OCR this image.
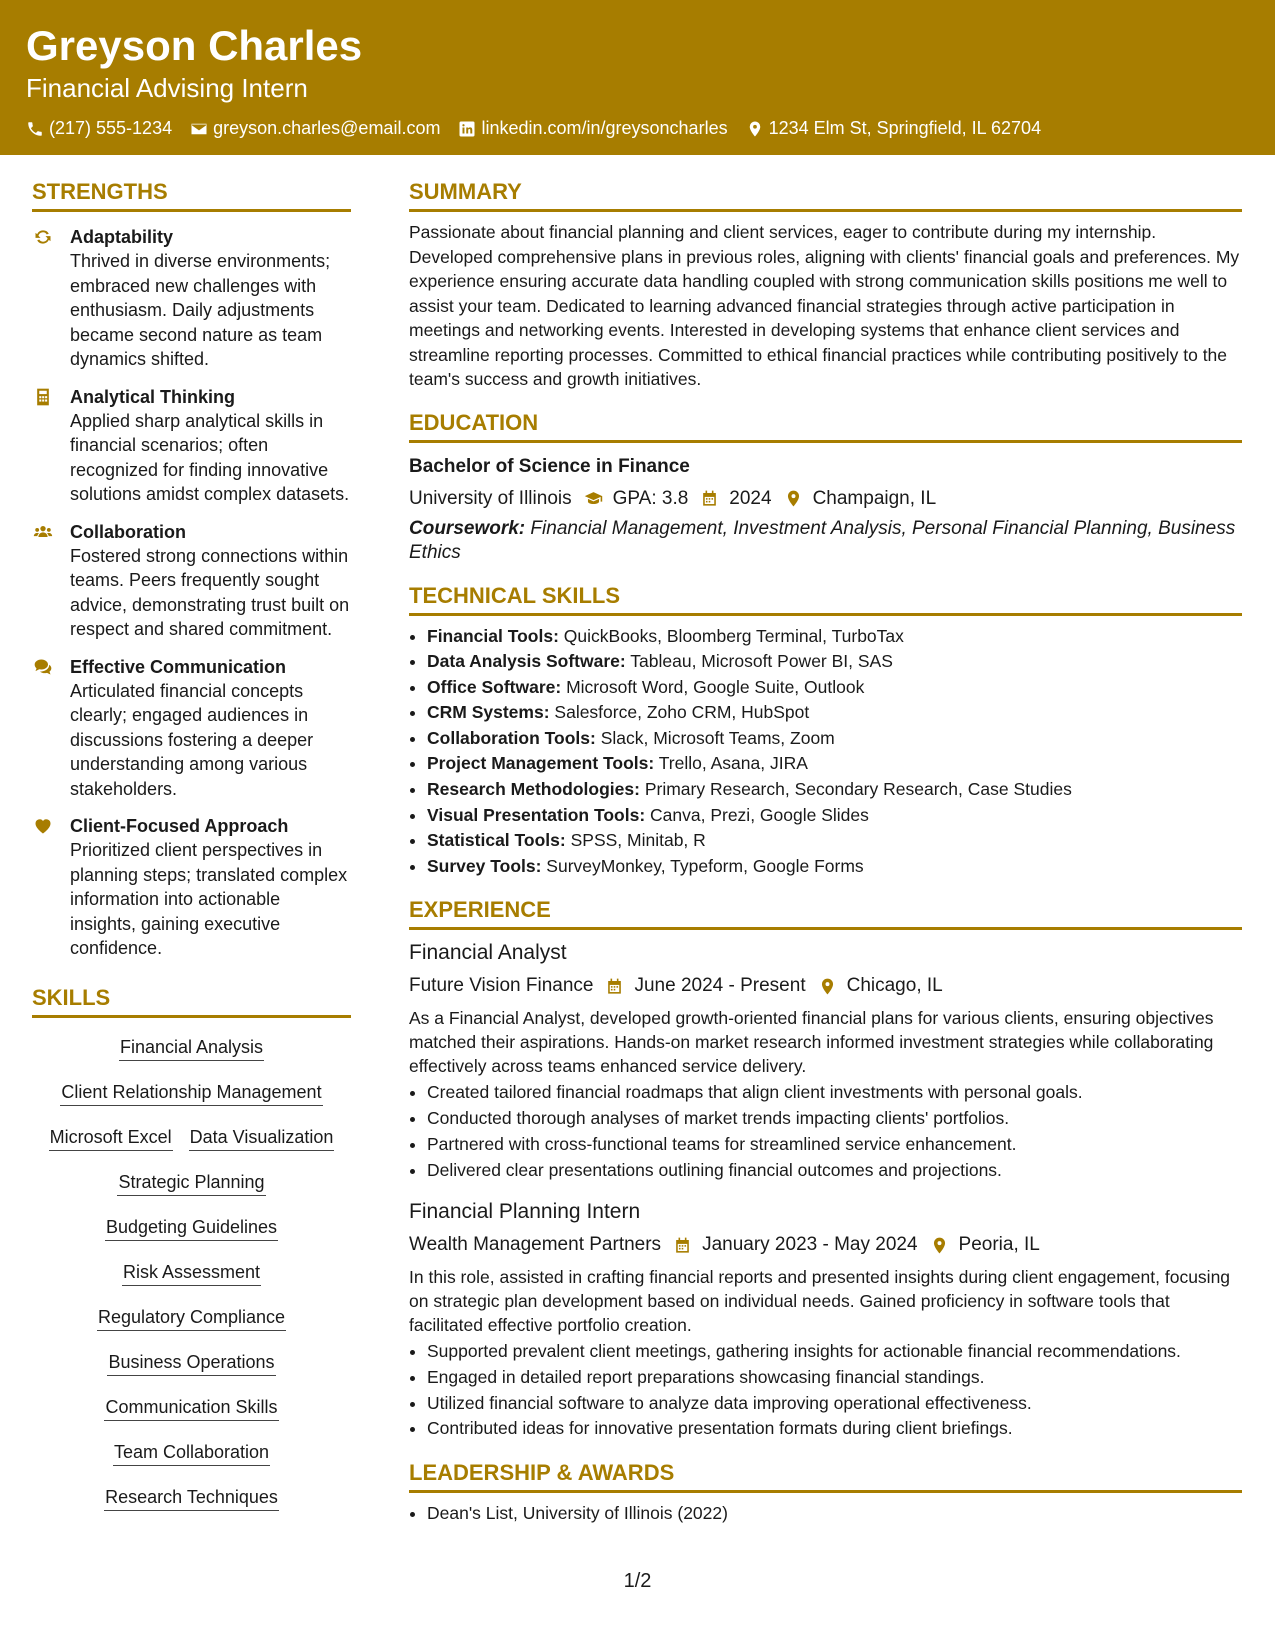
Greyson Charles
Financial Advising Intern
(217) 555-1234 greyson.charles@email.com linkedin.com/in/greysoncharles 1234 Elm St, Springfield, IL 62704
STRENGTHS
Adaptability
Thrived in diverse environments; embraced new challenges with enthusiasm. Daily adjustments became second nature as team dynamics shifted.
Analytical Thinking
Applied sharp analytical skills in financial scenarios; often recognized for finding innovative solutions amidst complex datasets.
Collaboration
Fostered strong connections within teams. Peers frequently sought advice, demonstrating trust built on respect and shared commitment.
Effective Communication
Articulated financial concepts clearly; engaged audiences in discussions fostering a deeper understanding among various stakeholders.
Client-Focused Approach
Prioritized client perspectives in planning steps; translated complex information into actionable insights, gaining executive confidence.
SKILLS
Financial Analysis
Client Relationship Management
Microsoft Excel Data Visualization
Strategic Planning
Budgeting Guidelines
Risk Assessment
Regulatory Compliance
Business Operations
Communication Skills
Team Collaboration
Research Techniques
SUMMARY
Passionate about financial planning and client services, eager to contribute during my internship. Developed comprehensive plans in previous roles, aligning with clients' financial goals and preferences. My experience ensuring accurate data handling coupled with strong communication skills positions me well to assist your team. Dedicated to learning advanced financial strategies through active participation in meetings and networking events. Interested in developing systems that enhance client services and streamline reporting processes. Committed to ethical financial practices while contributing positively to the team's success and growth initiatives.
EDUCATION
Bachelor of Science in Finance
University of Illinois GPA: 3.8 2024 Champaign, IL
Coursework: Financial Management, Investment Analysis, Personal Financial Planning, Business Ethics
TECHNICAL SKILLS
• Financial Tools: QuickBooks, Bloomberg Terminal, TurboTax
• Data Analysis Software: Tableau, Microsoft Power BI, SAS
• Office Software: Microsoft Word, Google Suite, Outlook
• CRM Systems: Salesforce, Zoho CRM, HubSpot
• Collaboration Tools: Slack, Microsoft Teams, Zoom
• Project Management Tools: Trello, Asana, JIRA
• Research Methodologies: Primary Research, Secondary Research, Case Studies
• Visual Presentation Tools: Canva, Prezi, Google Slides
• Statistical Tools: SPSS, Minitab, R
• Survey Tools: SurveyMonkey, Typeform, Google Forms
EXPERIENCE
Financial Analyst
Future Vision Finance June 2024 - Present Chicago, IL
As a Financial Analyst, developed growth-oriented financial plans for various clients, ensuring objectives matched their aspirations. Hands-on market research informed investment strategies while collaborating effectively across teams enhanced service delivery.
• Created tailored financial roadmaps that align client investments with personal goals.
• Conducted thorough analyses of market trends impacting clients' portfolios.
• Partnered with cross-functional teams for streamlined service enhancement.
• Delivered clear presentations outlining financial outcomes and projections.
Financial Planning Intern
Wealth Management Partners January 2023 - May 2024 Peoria, IL
In this role, assisted in crafting financial reports and presented insights during client engagement, focusing on strategic plan development based on individual needs. Gained proficiency in software tools that facilitated effective portfolio creation.
• Supported prevalent client meetings, gathering insights for actionable financial recommendations.
• Engaged in detailed report preparations showcasing financial standings.
• Utilized financial software to analyze data improving operational effectiveness.
• Contributed ideas for innovative presentation formats during client briefings.
LEADERSHIP & AWARDS
• Dean's List, University of Illinois (2022)
1/2
